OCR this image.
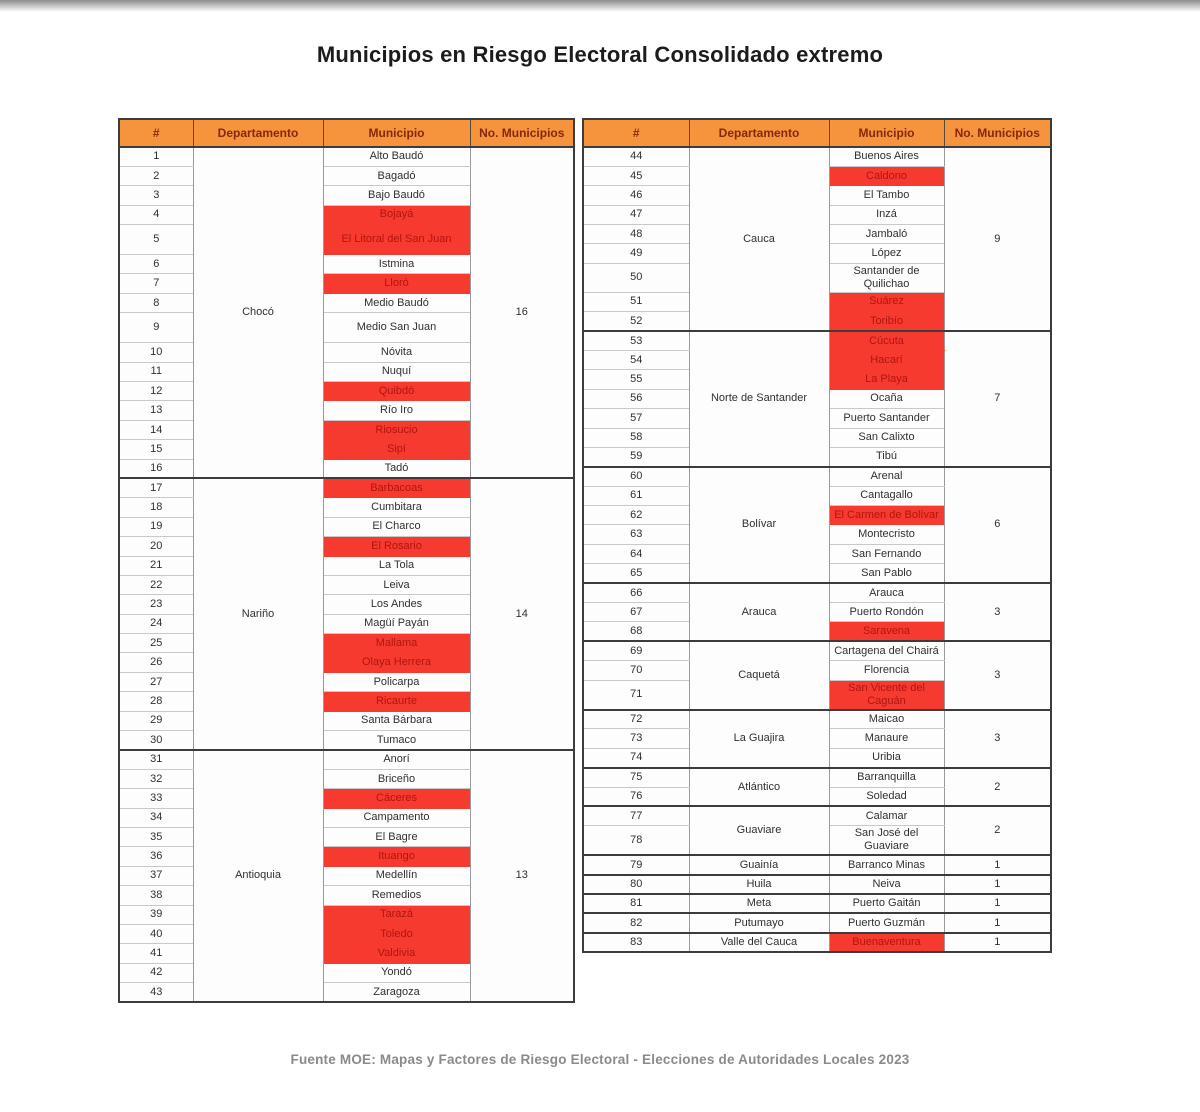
Municipios en Riesgo Electoral Consolidado extremo
#	Departamento	Municipio	No. Municipios
1	Chocó	Alto Baudó	16
2		Bagadó	
3		Bajo Baudó	
4		Bojayá	
5		El Litoral del San Juan	
6		Istmina	
7		Lloró	
8		Medio Baudó	
9		Medio San Juan	
10		Nóvita	
11		Nuquí	
12		Quibdó	
13		Río Iro	
14		Riosucio	
15		Sipí	
16		Tadó	
17	Nariño	Barbacoas	14
18		Cumbitara	
19		El Charco	
20		El Rosario	
21		La Tola	
22		Leiva	
23		Los Andes	
24		Magüí Payán	
25		Mallama	
26		Olaya Herrera	
27		Policarpa	
28		Ricaurte	
29		Santa Bárbara	
30		Tumaco	
31	Antioquia	Anorí	13
32		Briceño	
33		Cáceres	
34		Campamento	
35		El Bagre	
36		Ituango	
37		Medellín	
38		Remedios	
39		Tarazá	
40		Toledo	
41		Valdivia	
42		Yondó	
43		Zaragoza	
#	Departamento	Municipio	No. Municipios
44	Cauca	Buenos Aires	9
45		Caldono	
46		El Tambo	
47		Inzá	
48		Jambaló	
49		López	
50		Santander de Quilichao	
51		Suárez	
52		Toribío	
53	Norte de Santander	Cúcuta	7
54		Hacarí	
55		La Playa	
56		Ocaña	
57		Puerto Santander	
58		San Calixto	
59		Tibú	
60	Bolívar	Arenal	6
61		Cantagallo	
62		El Carmen de Bolívar	
63		Montecristo	
64		San Fernando	
65		San Pablo	
66	Arauca	Arauca	3
67		Puerto Rondón	
68		Saravena	
69	Caquetá	Cartagena del Chairá	3
70		Florencia	
71		San Vicente del Caguán	
72	La Guajira	Maicao	3
73		Manaure	
74		Uribia	
75	Atlántico	Barranquilla	2
76		Soledad	
77	Guaviare	Calamar	2
78		San José del Guaviare	
79	Guainía	Barranco Minas	1
80	Huila	Neiva	1
81	Meta	Puerto Gaitán	1
82	Putumayo	Puerto Guzmán	1
83	Valle del Cauca	Buenaventura	1
Fuente MOE: Mapas y Factores de Riesgo Electoral - Elecciones de Autoridades Locales 2023
